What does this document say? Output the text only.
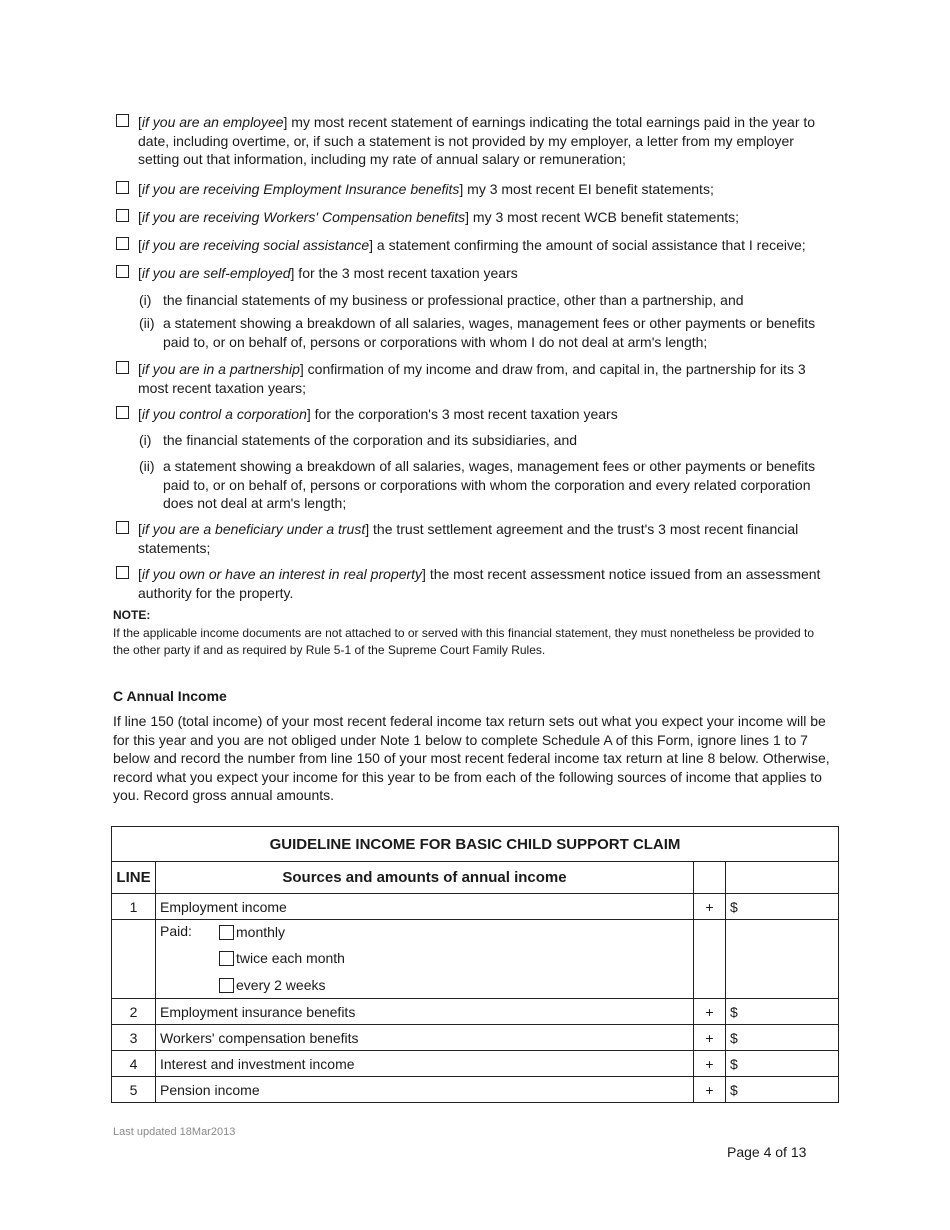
[if you are an employee] my most recent statement of earnings indicating the total earnings paid in the year to date, including overtime, or, if such a statement is not provided by my employer, a letter from my employer setting out that information, including my rate of annual salary or remuneration;
[if you are receiving Employment Insurance benefits] my 3 most recent EI benefit statements;
[if you are receiving Workers' Compensation benefits] my 3 most recent WCB benefit statements;
[if you are receiving social assistance] a statement confirming the amount of social assistance that I receive;
[if you are self-employed] for the 3 most recent taxation years
(i) the financial statements of my business or professional practice, other than a partnership, and
(ii) a statement showing a breakdown of all salaries, wages, management fees or other payments or benefits paid to, or on behalf of, persons or corporations with whom I do not deal at arm's length;
[if you are in a partnership] confirmation of my income and draw from, and capital in, the partnership for its 3 most recent taxation years;
[if you control a corporation] for the corporation's 3 most recent taxation years
(i) the financial statements of the corporation and its subsidiaries, and
(ii) a statement showing a breakdown of all salaries, wages, management fees or other payments or benefits paid to, or on behalf of, persons or corporations with whom the corporation and every related corporation does not deal at arm's length;
[if you are a beneficiary under a trust] the trust settlement agreement and the trust's 3 most recent financial statements;
[if you own or have an interest in real property] the most recent assessment notice issued from an assessment authority for the property.
NOTE:
If the applicable income documents are not attached to or served with this financial statement, they must nonetheless be provided to the other party if and as required by Rule 5-1 of the Supreme Court Family Rules.
C Annual Income
If line 150 (total income) of your most recent federal income tax return sets out what you expect your income will be for this year and you are not obliged under Note 1 below to complete Schedule A of this Form, ignore lines 1 to 7 below and record the number from line 150 of your most recent federal income tax return at line 8 below. Otherwise, record what you expect your income for this year to be from each of the following sources of income that applies to you. Record gross annual amounts.
GUIDELINE INCOME FOR BASIC CHILD SUPPORT CLAIM			
LINE	Sources and amounts of annual income		
1	Employment income	+	$

	Paid: monthly
twice each month
every 2 weeks		

2	Employment insurance benefits	+	$
3	Workers' compensation benefits	+	$
4	Interest and investment income	+	$
5	Pension income	+	$
Last updated 18Mar2013
Page 4 of 13
